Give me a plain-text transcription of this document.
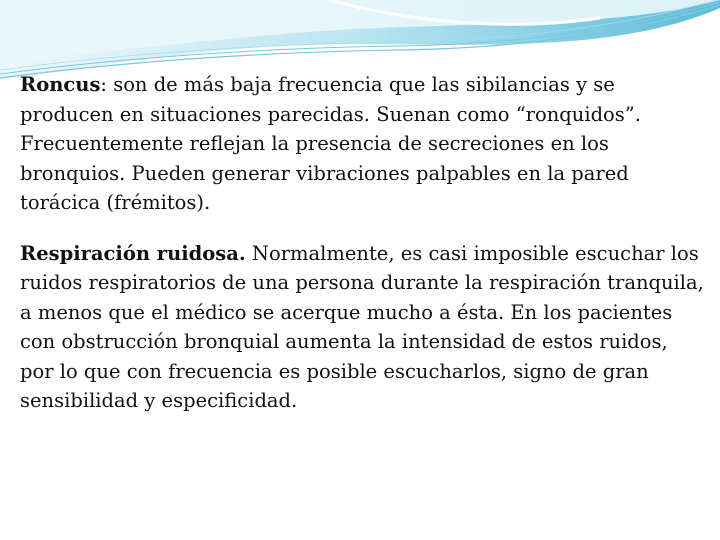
Roncus: son de más baja frecuencia que las sibilancias y se producen en situaciones parecidas. Suenan como “ronquidos”. Frecuentemente reflejan la presencia de secreciones en los bronquios. Pueden generar vibraciones palpables en la pared torácica (frémitos).

Respiración ruidosa. Normalmente, es casi imposible escuchar los ruidos respiratorios de una persona durante la respiración tranquila, a menos que el médico se acerque mucho a ésta. En los pacientes con obstrucción bronquial aumenta la intensidad de estos ruidos, por lo que con frecuencia es posible escucharlos, signo de gran sensibilidad y especificidad.
